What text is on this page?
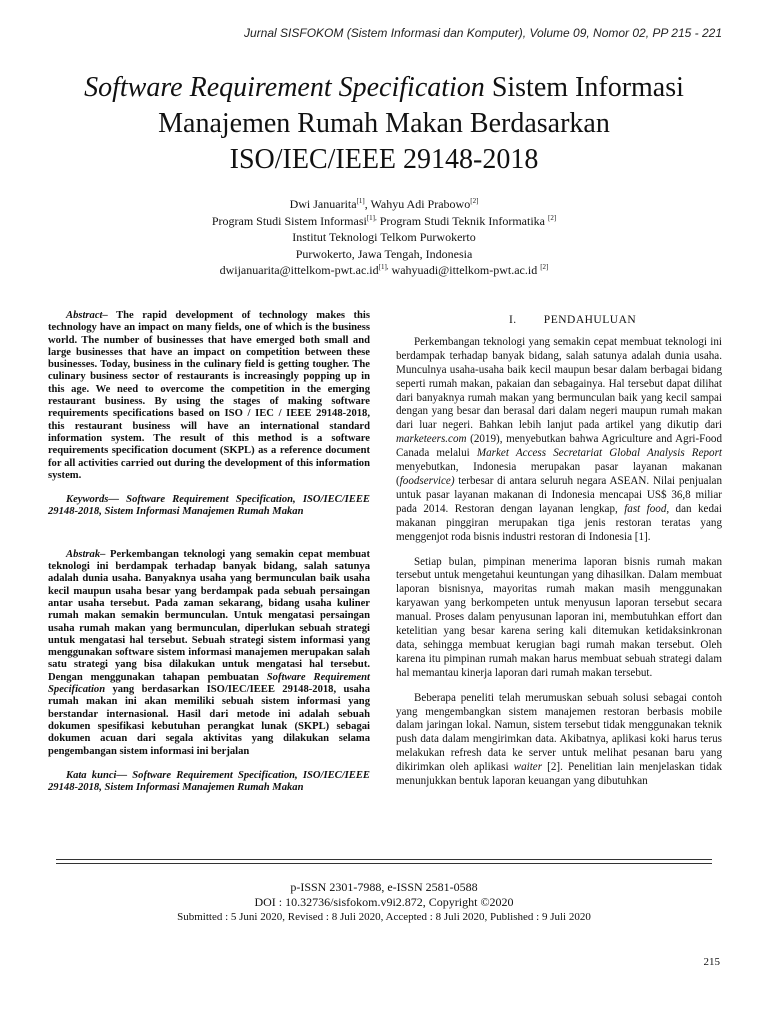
Jurnal SISFOKOM (Sistem Informasi dan Komputer), Volume 09, Nomor 02, PP 215 - 221
Software Requirement Specification Sistem Informasi
Manajemen Rumah Makan Berdasarkan
ISO/IEC/IEEE 29148-2018
Dwi Januarita[1], Wahyu Adi Prabowo[2]
Program Studi Sistem Informasi$^{[1],}$ Program Studi Teknik Informatika [2]
Institut Teknologi Telkom Purwokerto
Purwokerto, Jawa Tengah, Indonesia
$dwijanuarita@ittelkom-pwt.ac.id^{[1],}$ wahyuadi@ittelkom-pwt.ac.id [2]

Abstract– The rapid development of technology makes this technology have an impact on many fields, one of which is the business world. The number of businesses that have emerged both small and large businesses that have an impact on competition between these businesses. Today, business in the culinary field is getting tougher. The culinary business sector of restaurants is increasingly popping up in this age. We need to overcome the competition in the emerging restaurant business. By using the stages of making software requirements specifications based on ISO / IEC / IEEE 29148-2018, this restaurant business will have an international standard information system. The result of this method is a software requirements specification document (SKPL) as a reference document for all activities carried out during the development of this information system.

Keywords— Software Requirement Specification, ISO/IEC/IEEE 29148-2018, Sistem Informasi Manajemen Rumah Makan

Abstrak– Perkembangan teknologi yang semakin cepat membuat teknologi ini berdampak terhadap banyak bidang, salah satunya adalah dunia usaha. Banyaknya usaha yang bermunculan baik usaha kecil maupun usaha besar yang berdampak pada sebuah persaingan antar usaha tersebut. Pada zaman sekarang, bidang usaha kuliner rumah makan semakin bermunculan. Untuk mengatasi persaingan usaha rumah makan yang bermunculan, diperlukan sebuah strategi untuk mengatasi hal tersebut. Sebuah strategi sistem informasi yang menggunakan software sistem informasi manajemen merupakan salah satu strategi yang bisa dilakukan untuk mengatasi hal tersebut. Dengan menggunakan tahapan pembuatan Software Requirement Specification yang berdasarkan ISO/IEC/IEEE 29148-2018, usaha rumah makan ini akan memiliki sebuah sistem informasi yang berstandar internasional. Hasil dari metode ini adalah sebuah dokumen spesifikasi kebutuhan perangkat lunak (SKPL) sebagai dokumen acuan dari segala aktivitas yang dilakukan selama pengembangan sistem informasi ini berjalan

Kata kunci— Software Requirement Specification, ISO/IEC/IEEE 29148-2018, Sistem Informasi Manajemen Rumah Makan

I. PENDAHULUAN

Perkembangan teknologi yang semakin cepat membuat teknologi ini berdampak terhadap banyak bidang, salah satunya adalah dunia usaha. Munculnya usaha-usaha baik kecil maupun besar dalam berbagai bidang seperti rumah makan, pakaian dan sebagainya. Hal tersebut dapat dilihat dari banyaknya rumah makan yang bermunculan baik yang kecil sampai dengan yang besar dan berasal dari dalam negeri maupun rumah makan dari luar negeri. Bahkan lebih lanjut pada artikel yang dikutip dari marketeers.com (2019), menyebutkan bahwa Agriculture and Agri-Food Canada melalui Market Access Secretariat Global Analysis Report menyebutkan, Indonesia merupakan pasar layanan makanan (foodservice) terbesar di antara seluruh negara ASEAN. Nilai penjualan untuk pasar layanan makanan di Indonesia mencapai US$ 36,8 miliar pada 2014. Restoran dengan layanan lengkap, fast food, dan kedai makanan pinggiran merupakan tiga jenis restoran teratas yang menggenjot roda bisnis industri restoran di Indonesia [1].

Setiap bulan, pimpinan menerima laporan bisnis rumah makan tersebut untuk mengetahui keuntungan yang dihasilkan. Dalam membuat laporan bisnisnya, mayoritas rumah makan masih menggunakan karyawan yang berkompeten untuk menyusun laporan tersebut secara manual. Proses dalam penyusunan laporan ini, membutuhkan effort dan ketelitian yang besar karena sering kali ditemukan ketidaksinkronan data, sehingga membuat kerugian bagi rumah makan tersebut. Oleh karena itu pimpinan rumah makan harus membuat sebuah strategi dalam hal memantau kinerja laporan dari rumah makan tersebut.

Beberapa peneliti telah merumuskan sebuah solusi sebagai contoh yang mengembangkan sistem manajemen restoran berbasis mobile dalam jaringan lokal. Namun, sistem tersebut tidak menggunakan teknik push data dalam mengirimkan data. Akibatnya, aplikasi koki harus terus melakukan refresh data ke server untuk melihat pesanan baru yang dikirimkan oleh aplikasi waiter [2]. Penelitian lain menjelaskan tidak menunjukkan bentuk laporan keuangan yang dibutuhkan

p-ISSN 2301-7988, e-ISSN 2581-0588
DOI : 10.32736/sisfokom.v9i2.872, Copyright ©2020
Submitted : 5 Juni 2020, Revised : 8 Juli 2020, Accepted : 8 Juli 2020, Published : 9 Juli 2020
215
